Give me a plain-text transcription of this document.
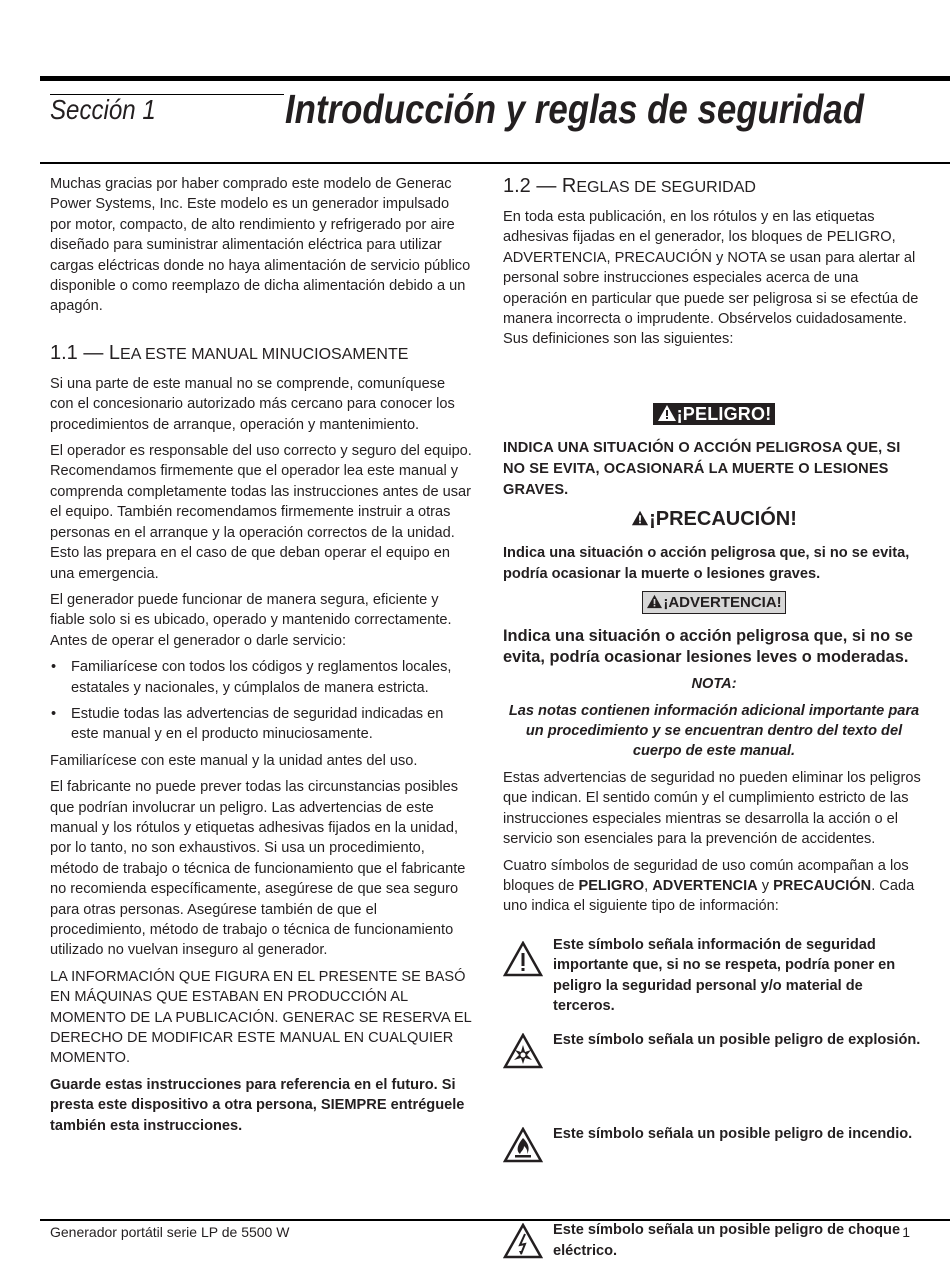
Sección 1	Introducción y reglas de seguridad

Muchas gracias por haber comprado este modelo de Generac Power Systems, Inc. Este modelo es un generador impulsado por motor, compacto, de alto rendimiento y refrigerado por aire diseñado para suministrar alimentación eléctrica para utilizar cargas eléctricas donde no haya alimentación de servicio público disponible o como reemplazo de dicha alimentación debido a un apagón.

1.1 — LEA ESTE MANUAL MINUCIOSAMENTE

Si una parte de este manual no se comprende, comuníquese con el concesionario autorizado más cercano para conocer los procedimientos de arranque, operación y mantenimiento.

El operador es responsable del uso correcto y seguro del equipo. Recomendamos firmemente que el operador lea este manual y comprenda completamente todas las instrucciones antes de usar el equipo. También recomendamos firmemente instruir a otras personas en el arranque y la operación correctos de la unidad. Esto las prepara en el caso de que deban operar el equipo en una emergencia.

El generador puede funcionar de manera segura, eficiente y fiable solo si es ubicado, operado y mantenido correctamente. Antes de operar el generador o darle servicio:

• Familiarícese con todos los códigos y reglamentos locales, estatales y nacionales, y cúmplalos de manera estricta.
• Estudie todas las advertencias de seguridad indicadas en este manual y en el producto minuciosamente.

Familiarícese con este manual y la unidad antes del uso.

El fabricante no puede prever todas las circunstancias posibles que podrían involucrar un peligro. Las advertencias de este manual y los rótulos y etiquetas adhesivas fijados en la unidad, por lo tanto, no son exhaustivos. Si usa un procedimiento, método de trabajo o técnica de funcionamiento que el fabricante no recomienda específicamente, asegúrese de que sea seguro para otras personas. Asegúrese también de que el procedimiento, método de trabajo o técnica de funcionamiento utilizado no vuelvan inseguro al generador.

LA INFORMACIÓN QUE FIGURA EN EL PRESENTE SE BASÓ EN MÁQUINAS QUE ESTABAN EN PRODUCCIÓN AL MOMENTO DE LA PUBLICACIÓN. GENERAC SE RESERVA EL DERECHO DE MODIFICAR ESTE MANUAL EN CUALQUIER MOMENTO.

Guarde estas instrucciones para referencia en el futuro. Si presta este dispositivo a otra persona, SIEMPRE entréguele también esta instrucciones.

1.2 — REGLAS DE SEGURIDAD

En toda esta publicación, en los rótulos y en las etiquetas adhesivas fijadas en el generador, los bloques de PELIGRO, ADVERTENCIA, PRECAUCIÓN y NOTA se usan para alertar al personal sobre instrucciones especiales acerca de una operación en particular que puede ser peligrosa si se efectúa de manera incorrecta o imprudente. Obsérvelos cuidadosamente. Sus definiciones son las siguientes:

¡PELIGRO!

INDICA UNA SITUACIÓN O ACCIÓN PELIGROSA QUE, SI NO SE EVITA, OCASIONARÁ LA MUERTE O LESIONES GRAVES.

¡PRECAUCIÓN!

Indica una situación o acción peligrosa que, si no se evita, podría ocasionar la muerte o lesiones graves.

¡ADVERTENCIA!

Indica una situación o acción peligrosa que, si no se evita, podría ocasionar lesiones leves o moderadas.

NOTA:

Las notas contienen información adicional importante para un procedimiento y se encuentran dentro del texto del cuerpo de este manual.

Estas advertencias de seguridad no pueden eliminar los peligros que indican. El sentido común y el cumplimiento estricto de las instrucciones especiales mientras se desarrolla la acción o el servicio son esenciales para la prevención de accidentes.

Cuatro símbolos de seguridad de uso común acompañan a los bloques de PELIGRO, ADVERTENCIA y PRECAUCIÓN. Cada uno indica el siguiente tipo de información:

Este símbolo señala información de seguridad importante que, si no se respeta, podría poner en peligro la seguridad personal y/o material de terceros.
Este símbolo señala un posible peligro de explosión.
Este símbolo señala un posible peligro de incendio.
Este símbolo señala un posible peligro de choque eléctrico.
Generador portátil serie LP de 5500 W	1
